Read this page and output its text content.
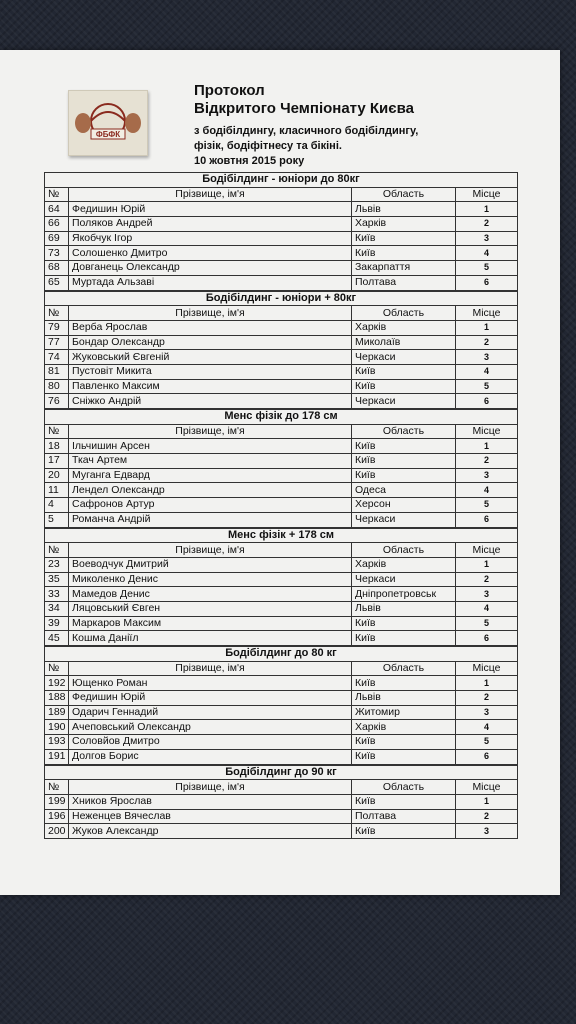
ФБФК
Протокол
Відкритого Чемпіонату Києва
з бодібілдингу, класичного бодібілдингу,
фізік, бодіфітнесу та бікіні.
10 жовтня 2015 року
Бодібілдинг - юніори до 80кг			
№	Прізвище, ім'я	Область	Місце
64	Федишин Юрій	Львів	1
66	Поляков Андрей	Харків	2
69	Якобчук Ігор	Київ	3
73	Солошенко Дмитро	Київ	4
68	Довганець Олександр	Закарпаття	5
65	Муртада Альзаві	Полтава	6
Бодібілдинг - юніори + 80кг			
№	Прізвище, ім'я	Область	Місце
79	Верба Ярослав	Харків	1
77	Бондар Олександр	Миколаїв	2
74	Жуковський Євгеній	Черкаси	3
81	Пустовіт Микита	Київ	4
80	Павленко Максим	Київ	5
76	Сніжко Андрій	Черкаси	6
Менс фізік до 178 см			
№	Прізвище, ім'я	Область	Місце
18	Ільчишин Арсен	Київ	1
17	Ткач Артем	Київ	2
20	Муганга Едвард	Київ	3
11	Лендел Олександр	Одеса	4
4	Сафронов Артур	Херсон	5
5	Романча Андрій	Черкаси	6
Менс фізік + 178 см			
№	Прізвище, ім'я	Область	Місце
23	Воеводчук Дмитрий	Харків	1
35	Миколенко Денис	Черкаси	2
33	Мамедов Денис	Дніпропетровськ	3
34	Ляцовський Євген	Львів	4
39	Маркаров Максим	Київ	5
45	Кошма Даніїл	Київ	6
Бодібілдинг до 80 кг			
№	Прізвище, ім'я	Область	Місце
192	Ющенко Роман	Київ	1
188	Федишин Юрій	Львів	2
189	Одарич Геннадий	Житомир	3
190	Ачеповський Олександр	Харків	4
193	Соловйов Дмитро	Київ	5
191	Долгов Борис	Київ	6
Бодібілдинг до 90 кг			
№	Прізвище, ім'я	Область	Місце
199	Хников Ярослав	Київ	1
196	Неженцев Вячеслав	Полтава	2
200	Жуков Александр	Київ	3
